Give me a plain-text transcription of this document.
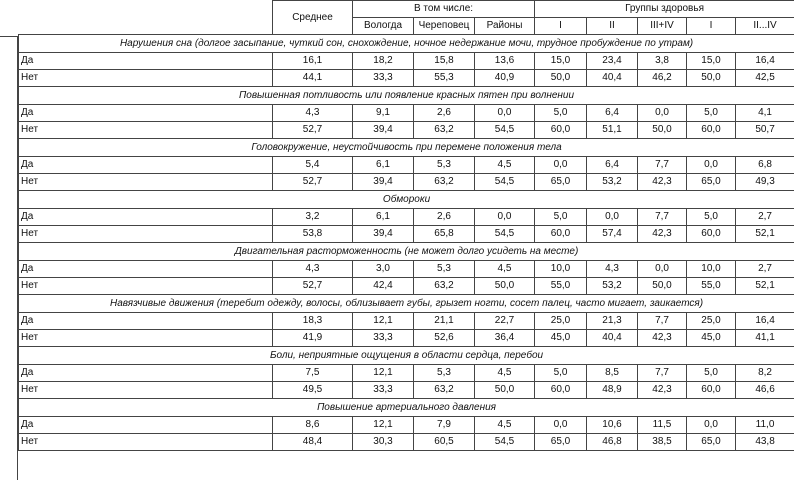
	Среднее	В том числе:			Группы здоровья				
		Вологда	Череповец	Районы	I	II	III+IV	I	II...IV
Нарушения сна (долгое засыпание, чуткий сон, снохождение, ночное недержание мочи, трудное пробуждение по утрам)									
Да	16,1	18,2	15,8	13,6	15,0	23,4	3,8	15,0	16,4
Нет	44,1	33,3	55,3	40,9	50,0	40,4	46,2	50,0	42,5
Повышенная потливость или появление красных пятен при волнении									
Да	4,3	9,1	2,6	0,0	5,0	6,4	0,0	5,0	4,1
Нет	52,7	39,4	63,2	54,5	60,0	51,1	50,0	60,0	50,7
Головокружение, неустойчивость при перемене положения тела									
Да	5,4	6,1	5,3	4,5	0,0	6,4	7,7	0,0	6,8
Нет	52,7	39,4	63,2	54,5	65,0	53,2	42,3	65,0	49,3
Обмороки									
Да	3,2	6,1	2,6	0,0	5,0	0,0	7,7	5,0	2,7
Нет	53,8	39,4	65,8	54,5	60,0	57,4	42,3	60,0	52,1
Двигательная расторможенность (не может долго усидеть на месте)									
Да	4,3	3,0	5,3	4,5	10,0	4,3	0,0	10,0	2,7
Нет	52,7	42,4	63,2	50,0	55,0	53,2	50,0	55,0	52,1
Навязчивые движения (теребит одежду, волосы, облизывает губы, грызет ногти, сосет палец, часто мигает, заикается)									
Да	18,3	12,1	21,1	22,7	25,0	21,3	7,7	25,0	16,4
Нет	41,9	33,3	52,6	36,4	45,0	40,4	42,3	45,0	41,1
Боли, неприятные ощущения в области сердца, перебои									
Да	7,5	12,1	5,3	4,5	5,0	8,5	7,7	5,0	8,2
Нет	49,5	33,3	63,2	50,0	60,0	48,9	42,3	60,0	46,6
Повышение артериального давления									
Да	8,6	12,1	7,9	4,5	0,0	10,6	11,5	0,0	11,0
Нет	48,4	30,3	60,5	54,5	65,0	46,8	38,5	65,0	43,8
